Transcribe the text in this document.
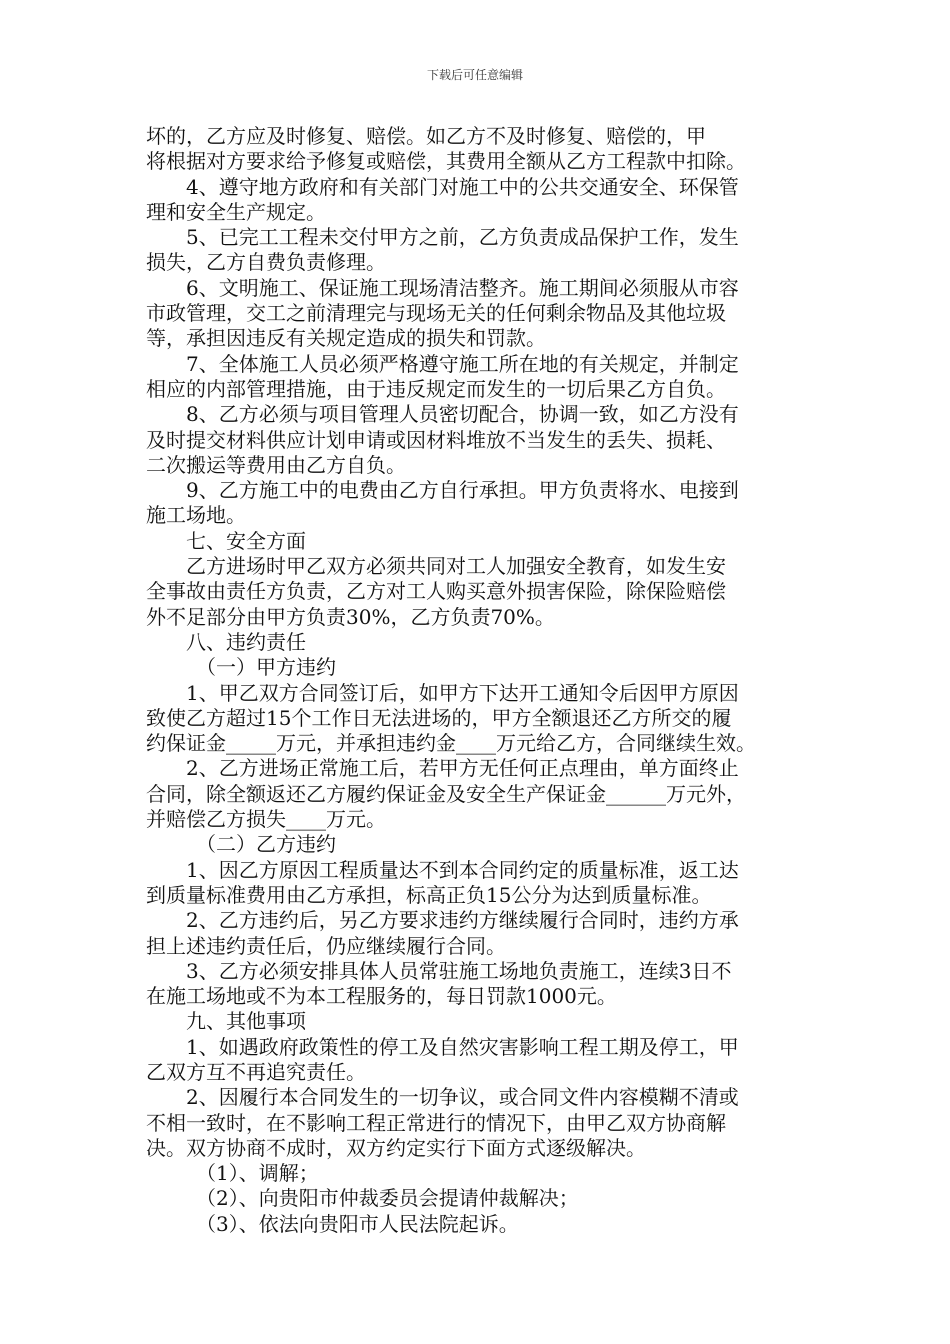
下载后可任意编辑
坏的，乙方应及时修复、赔偿。如乙方不及时修复、赔偿的，甲
将根据对方要求给予修复或赔偿，其费用全额从乙方工程款中扣除。
4、遵守地方政府和有关部门对施工中的公共交通安全、环保管
理和安全生产规定。
5、已完工工程未交付甲方之前，乙方负责成品保护工作，发生
损失，乙方自费负责修理。
6、文明施工、保证施工现场清洁整齐。施工期间必须服从市容
市政管理，交工之前清理完与现场无关的任何剩余物品及其他垃圾
等，承担因违反有关规定造成的损失和罚款。
7、全体施工人员必须严格遵守施工所在地的有关规定，并制定
相应的内部管理措施，由于违反规定而发生的一切后果乙方自负。
8、乙方必须与项目管理人员密切配合，协调一致，如乙方没有
及时提交材料供应计划申请或因材料堆放不当发生的丢失、损耗、
二次搬运等费用由乙方自负。
9、乙方施工中的电费由乙方自行承担。甲方负责将水、电接到
施工场地。
七、安全方面
乙方进场时甲乙双方必须共同对工人加强安全教育，如发生安
全事故由责任方负责，乙方对工人购买意外损害保险，除保险赔偿
外不足部分由甲方负责30%，乙方负责70%。
八、违约责任
（一）甲方违约
1、甲乙双方合同签订后，如甲方下达开工通知令后因甲方原因
致使乙方超过15个工作日无法进场的，甲方全额退还乙方所交的履
约保证金_____万元，并承担违约金____万元给乙方，合同继续生效。
2、乙方进场正常施工后，若甲方无任何正点理由，单方面终止
合同，除全额返还乙方履约保证金及安全生产保证金______万元外，
并赔偿乙方损失____万元。
（二）乙方违约
1、因乙方原因工程质量达不到本合同约定的质量标准，返工达
到质量标准费用由乙方承担，标高正负15公分为达到质量标准。
2、乙方违约后，另乙方要求违约方继续履行合同时，违约方承
担上述违约责任后，仍应继续履行合同。
3、乙方必须安排具体人员常驻施工场地负责施工，连续3日不
在施工场地或不为本工程服务的，每日罚款1000元。
九、其他事项
1、如遇政府政策性的停工及自然灾害影响工程工期及停工，甲
乙双方互不再追究责任。
2、因履行本合同发生的一切争议，或合同文件内容模糊不清或
不相一致时，在不影响工程正常进行的情况下，由甲乙双方协商解
决。双方协商不成时，双方约定实行下面方式逐级解决。
（1）、调解；
（2）、向贵阳市仲裁委员会提请仲裁解决；
（3）、依法向贵阳市人民法院起诉。
